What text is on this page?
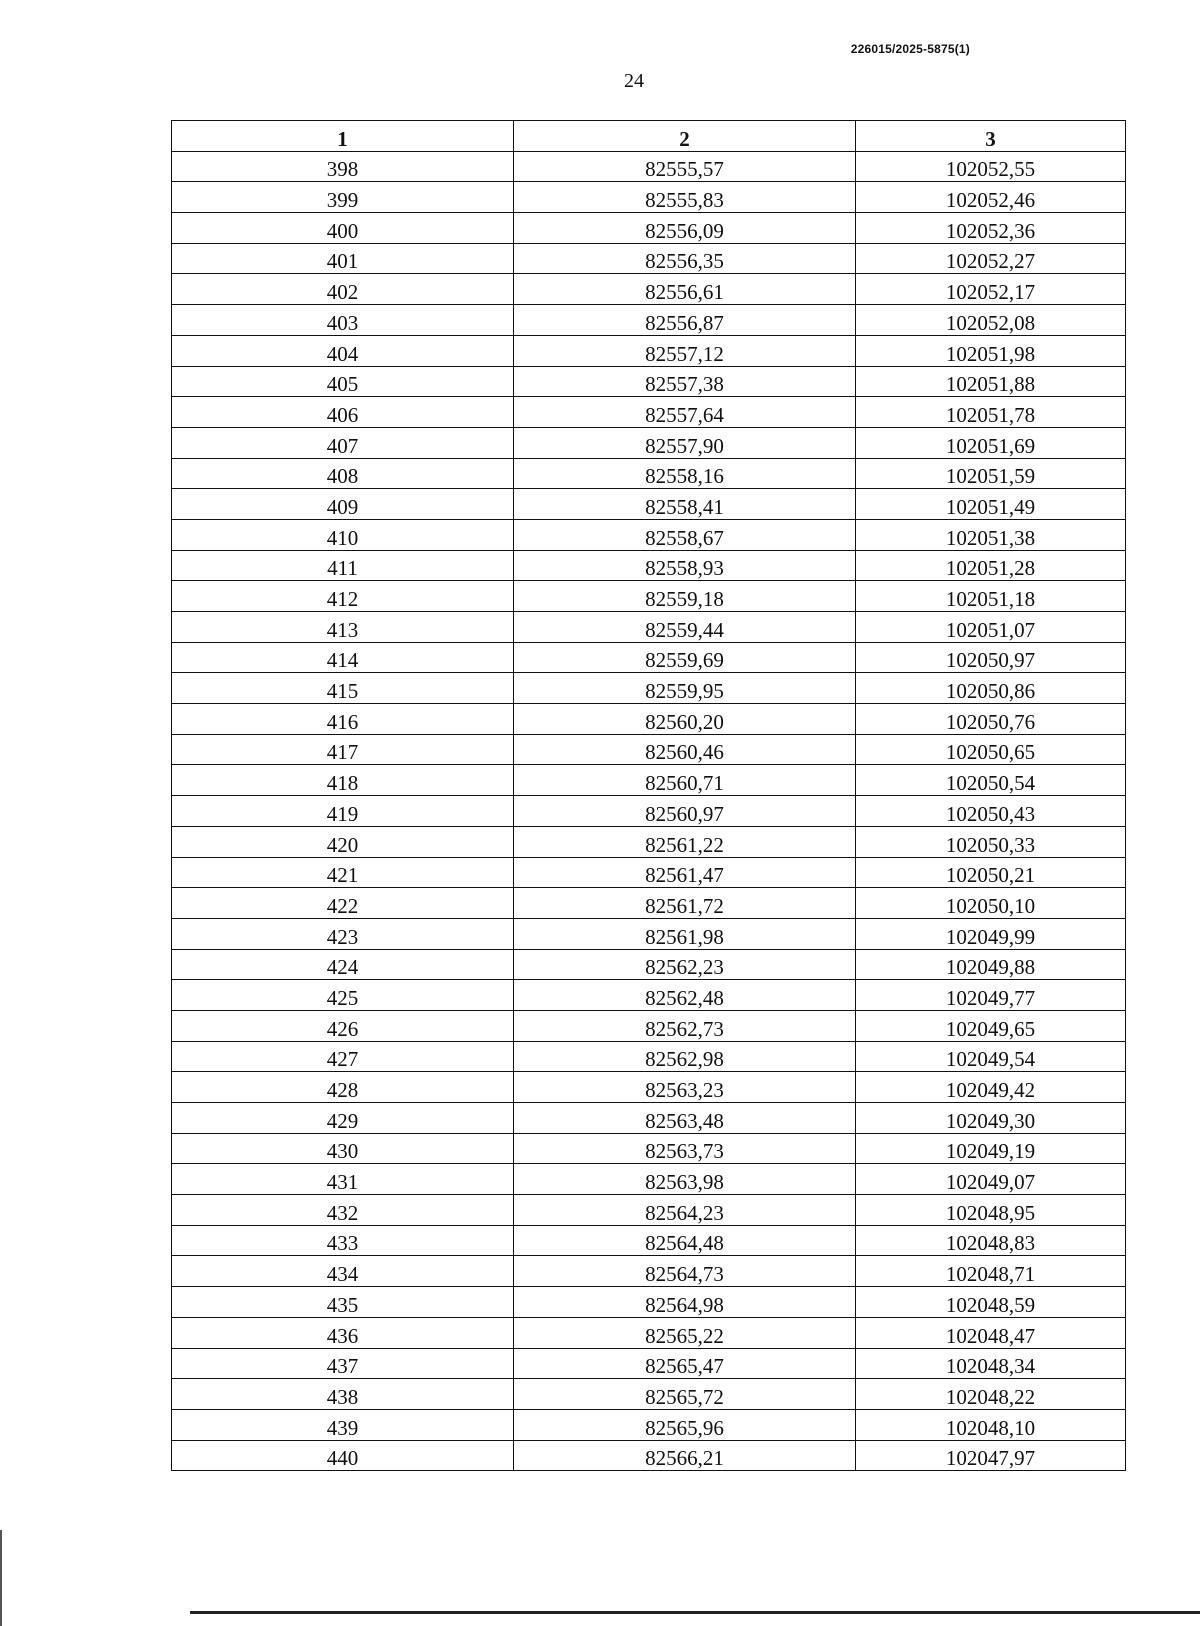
226015/2025-5875(1)
24
1	2	3
398	82555,57	102052,55
399	82555,83	102052,46
400	82556,09	102052,36
401	82556,35	102052,27
402	82556,61	102052,17
403	82556,87	102052,08
404	82557,12	102051,98
405	82557,38	102051,88
406	82557,64	102051,78
407	82557,90	102051,69
408	82558,16	102051,59
409	82558,41	102051,49
410	82558,67	102051,38
411	82558,93	102051,28
412	82559,18	102051,18
413	82559,44	102051,07
414	82559,69	102050,97
415	82559,95	102050,86
416	82560,20	102050,76
417	82560,46	102050,65
418	82560,71	102050,54
419	82560,97	102050,43
420	82561,22	102050,33
421	82561,47	102050,21
422	82561,72	102050,10
423	82561,98	102049,99
424	82562,23	102049,88
425	82562,48	102049,77
426	82562,73	102049,65
427	82562,98	102049,54
428	82563,23	102049,42
429	82563,48	102049,30
430	82563,73	102049,19
431	82563,98	102049,07
432	82564,23	102048,95
433	82564,48	102048,83
434	82564,73	102048,71
435	82564,98	102048,59
436	82565,22	102048,47
437	82565,47	102048,34
438	82565,72	102048,22
439	82565,96	102048,10
440	82566,21	102047,97
